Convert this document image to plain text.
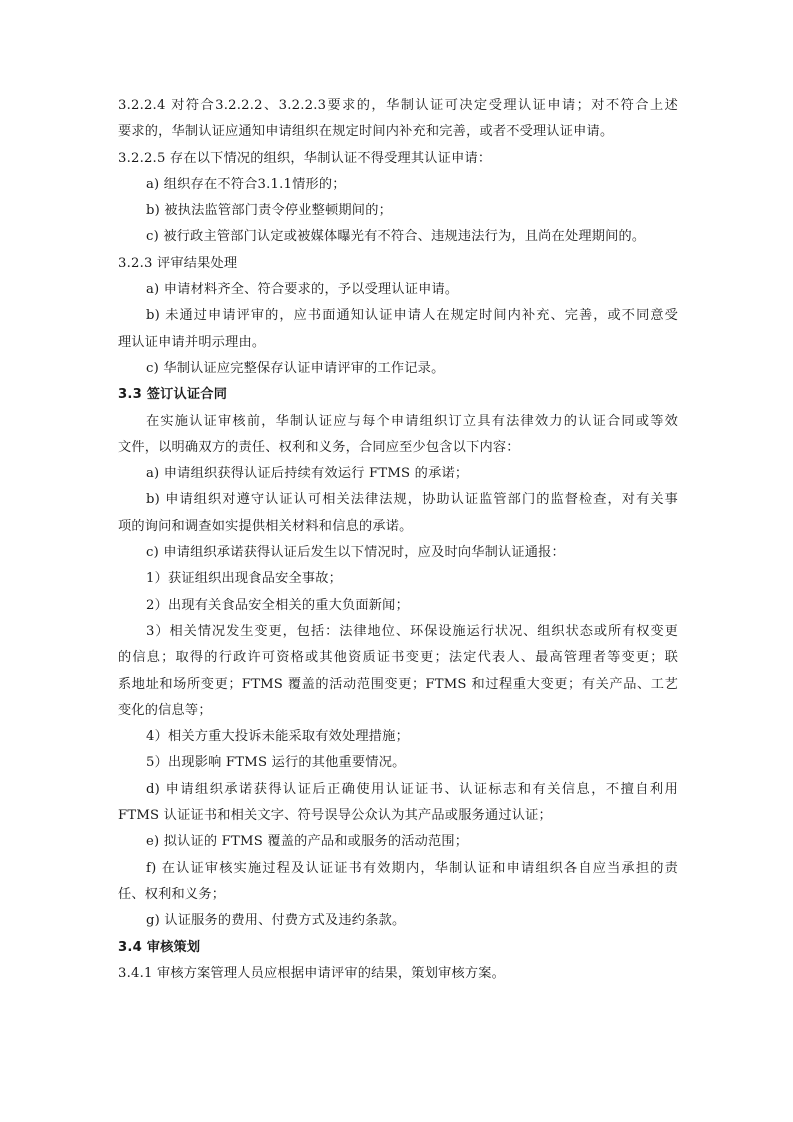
3.2.2.4 对符合3.2.2.2、3.2.2.3要求的，华制认证可决定受理认证申请；对不符合上述
要求的，华制认证应通知申请组织在规定时间内补充和完善，或者不受理认证申请。
3.2.2.5 存在以下情况的组织，华制认证不得受理其认证申请：
a) 组织存在不符合3.1.1情形的；
b) 被执法监管部门责令停业整顿期间的；
c) 被行政主管部门认定或被媒体曝光有不符合、违规违法行为，且尚在处理期间的。
3.2.3 评审结果处理
a) 申请材料齐全、符合要求的，予以受理认证申请。
b) 未通过申请评审的，应书面通知认证申请人在规定时间内补充、完善，或不同意受
理认证申请并明示理由。
c) 华制认证应完整保存认证申请评审的工作记录。
3.3 签订认证合同
在实施认证审核前，华制认证应与每个申请组织订立具有法律效力的认证合同或等效
文件，以明确双方的责任、权利和义务，合同应至少包含以下内容：
a) 申请组织获得认证后持续有效运行 FTMS 的承诺；
b) 申请组织对遵守认证认可相关法律法规，协助认证监管部门的监督检查，对有关事
项的询问和调查如实提供相关材料和信息的承诺。
c) 申请组织承诺获得认证后发生以下情况时，应及时向华制认证通报：
1）获证组织出现食品安全事故；
2）出现有关食品安全相关的重大负面新闻；
3）相关情况发生变更，包括：法律地位、环保设施运行状况、组织状态或所有权变更
的信息；取得的行政许可资格或其他资质证书变更；法定代表人、最高管理者等变更；联
系地址和场所变更；FTMS 覆盖的活动范围变更；FTMS 和过程重大变更；有关产品、工艺
变化的信息等；
4）相关方重大投诉未能采取有效处理措施；
5）出现影响 FTMS 运行的其他重要情况。
d) 申请组织承诺获得认证后正确使用认证证书、认证标志和有关信息，不擅自利用
FTMS 认证证书和相关文字、符号误导公众认为其产品或服务通过认证；
e) 拟认证的 FTMS 覆盖的产品和或服务的活动范围；
f) 在认证审核实施过程及认证证书有效期内，华制认证和申请组织各自应当承担的责
任、权利和义务；
g) 认证服务的费用、付费方式及违约条款。
3.4 审核策划
3.4.1 审核方案管理人员应根据申请评审的结果，策划审核方案。
